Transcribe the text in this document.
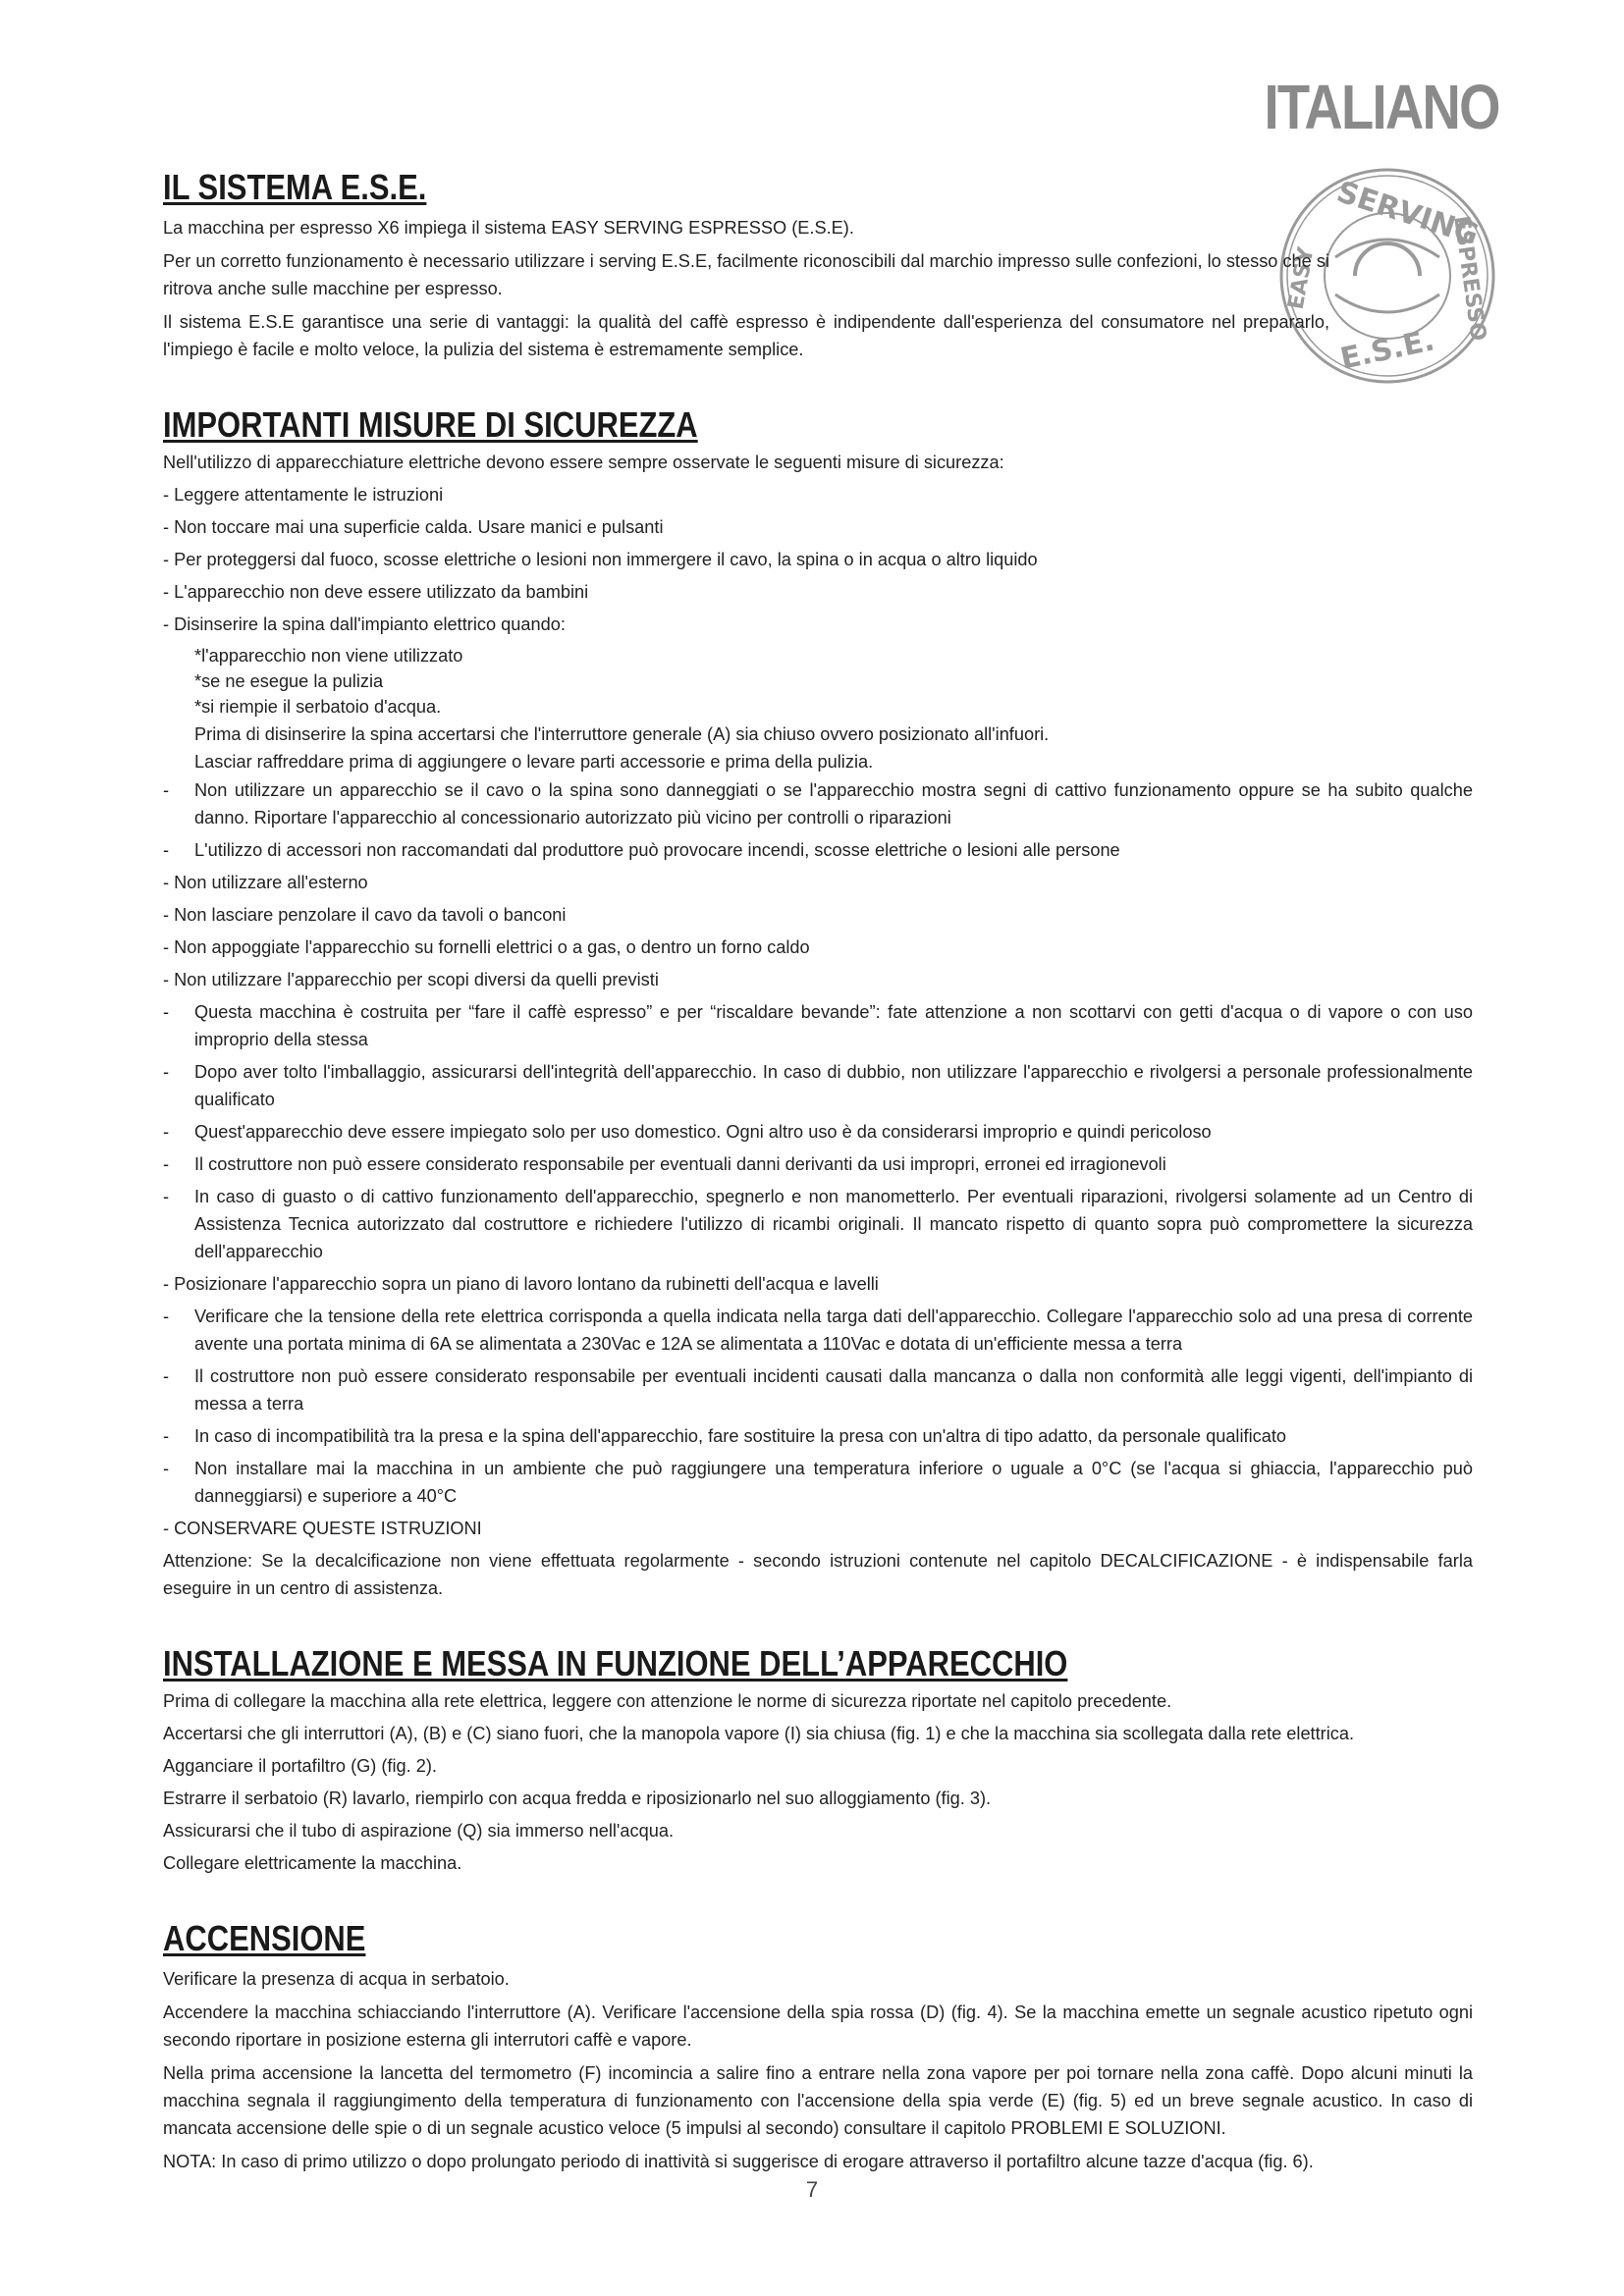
ITALIANO
SERVING
ESPRESSO
EASY
E.S.E.
IL SISTEMA E.S.E.
La macchina per espresso X6 impiega il sistema EASY SERVING ESPRESSO (E.S.E).
Per un corretto funzionamento è necessario utilizzare i serving E.S.E, facilmente riconoscibili dal marchio impresso sulle confezioni, lo stesso che si ritrova anche sulle macchine per espresso.
Il sistema E.S.E garantisce una serie di vantaggi: la qualità del caffè espresso è indipendente dall'esperienza del consumatore nel prepararlo, l'impiego è facile e molto veloce, la pulizia del sistema è estremamente semplice.
IMPORTANTI MISURE DI SICUREZZA
Nell'utilizzo di apparecchiature elettriche devono essere sempre osservate le seguenti misure di sicurezza:
- Leggere attentamente le istruzioni
- Non toccare mai una superficie calda. Usare manici e pulsanti
- Per proteggersi dal fuoco, scosse elettriche o lesioni non immergere il cavo, la spina o in acqua o altro liquido
- L'apparecchio non deve essere utilizzato da bambini
- Disinserire la spina dall'impianto elettrico quando:
*l'apparecchio non viene utilizzato
*se ne esegue la pulizia
*si riempie il serbatoio d'acqua.
Prima di disinserire la spina accertarsi che l'interruttore generale (A) sia chiuso ovvero posizionato all'infuori.
Lasciar raffreddare prima di aggiungere o levare parti accessorie e prima della pulizia.
-	Non utilizzare un apparecchio se il cavo o la spina sono danneggiati o se l'apparecchio mostra segni di cattivo funzionamento oppure se ha subito qualche danno. Riportare l'apparecchio al concessionario autorizzato più vicino per controlli o riparazioni
-	L'utilizzo di accessori non raccomandati dal produttore può provocare incendi, scosse elettriche o lesioni alle persone
- Non utilizzare all'esterno
- Non lasciare penzolare il cavo da tavoli o banconi
- Non appoggiate l'apparecchio su fornelli elettrici o a gas, o dentro un forno caldo
- Non utilizzare l'apparecchio per scopi diversi da quelli previsti
-	Questa macchina è costruita per “fare il caffè espresso” e per “riscaldare bevande”: fate attenzione a non scottarvi con getti d'acqua o di vapore o con uso improprio della stessa
-	Dopo aver tolto l'imballaggio, assicurarsi dell'integrità dell'apparecchio. In caso di dubbio, non utilizzare l'apparecchio e rivolgersi a personale professionalmente qualificato
-	Quest'apparecchio deve essere impiegato solo per uso domestico. Ogni altro uso è da considerarsi improprio e quindi pericoloso
-	Il costruttore non può essere considerato responsabile per eventuali danni derivanti da usi impropri, erronei ed irragionevoli
-	In caso di guasto o di cattivo funzionamento dell'apparecchio, spegnerlo e non manometterlo. Per eventuali riparazioni, rivolgersi solamente ad un Centro di Assistenza Tecnica autorizzato dal costruttore e richiedere l'utilizzo di ricambi originali. Il mancato rispetto di quanto sopra può compromettere la sicurezza dell'apparecchio
- Posizionare l'apparecchio sopra un piano di lavoro lontano da rubinetti dell'acqua e lavelli
-	Verificare che la tensione della rete elettrica corrisponda a quella indicata nella targa dati dell'apparecchio. Collegare l'apparecchio solo ad una presa di corrente avente una portata minima di 6A se alimentata a 230Vac e 12A se alimentata a 110Vac e dotata di un'efficiente messa a terra
-	Il costruttore non può essere considerato responsabile per eventuali incidenti causati dalla mancanza o dalla non conformità alle leggi vigenti, dell'impianto di messa a terra
-	In caso di incompatibilità tra la presa e la spina dell'apparecchio, fare sostituire la presa con un'altra di tipo adatto, da personale qualificato
-	Non installare mai la macchina in un ambiente che può raggiungere una temperatura inferiore o uguale a 0°C (se l'acqua si ghiaccia, l'apparecchio può danneggiarsi) e superiore a 40°C
- CONSERVARE QUESTE ISTRUZIONI
Attenzione: Se la decalcificazione non viene effettuata regolarmente - secondo istruzioni contenute nel capitolo DECALCIFICAZIONE - è indispensabile farla eseguire in un centro di assistenza.
INSTALLAZIONE E MESSA IN FUNZIONE DELL’APPARECCHIO
Prima di collegare la macchina alla rete elettrica, leggere con attenzione le norme di sicurezza riportate nel capitolo precedente.
Accertarsi che gli interruttori (A), (B) e (C) siano fuori, che la manopola vapore (I) sia chiusa (fig. 1) e che la macchina sia scollegata dalla rete elettrica.
Agganciare il portafiltro (G) (fig. 2).
Estrarre il serbatoio (R) lavarlo, riempirlo con acqua fredda e riposizionarlo nel suo alloggiamento (fig. 3).
Assicurarsi che il tubo di aspirazione (Q) sia immerso nell'acqua.
Collegare elettricamente la macchina.
ACCENSIONE
Verificare la presenza di acqua in serbatoio.
Accendere la macchina schiacciando l'interruttore (A). Verificare l'accensione della spia rossa (D) (fig. 4). Se la macchina emette un segnale acustico ripetuto ogni secondo riportare in posizione esterna gli interrutori caffè e vapore.
Nella prima accensione la lancetta del termometro (F) incomincia a salire fino a entrare nella zona vapore per poi tornare nella zona caffè. Dopo alcuni minuti la macchina segnala il raggiungimento della temperatura di funzionamento con l'accensione della spia verde (E) (fig. 5) ed un breve segnale acustico. In caso di mancata accensione delle spie o di un segnale acustico veloce (5 impulsi al secondo) consultare il capitolo PROBLEMI E SOLUZIONI.
NOTA: In caso di primo utilizzo o dopo prolungato periodo di inattività si suggerisce di erogare attraverso il portafiltro alcune tazze d'acqua (fig. 6).
7
